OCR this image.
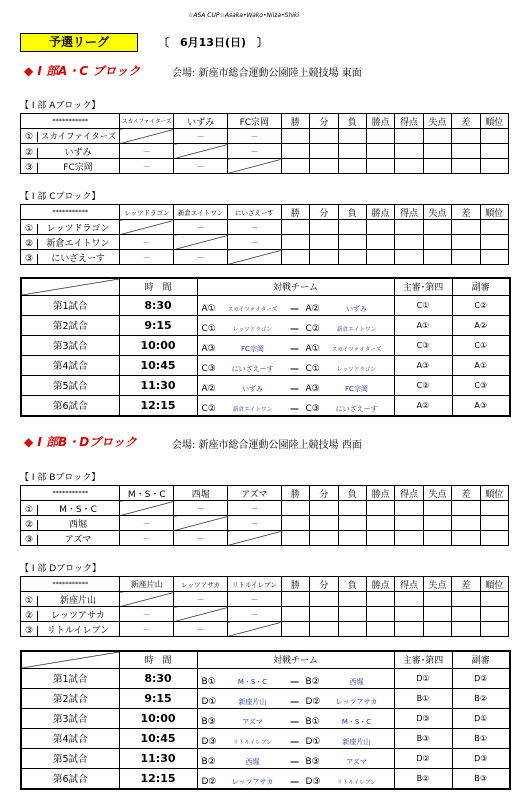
☆ASA CUP☆Asaka•Wako•Niiza•Shiki
予選リーグ	〔　6月13日(日)　〕
◆ I 部A・C ブロック	会場: 新座市総合運動公園陸上競技場 東面
【 I 部 Aブロック】
***********	スカイファイターズ	いずみ	FC宗岡	勝	分	負	勝点	得点	失点	差	順位
① スカイファイターズ		－	－								
② いずみ	－		－								
③ FC宗岡	－	－									
【 I 部 Cブロック】
***********	レッツドラゴン	新倉エイトワン	にいざえーす	勝	分	負	勝点	得点	失点	差	順位
① レッツドラゴン		－	－								
② 新倉エイトワン	－		－								
③ にいざえーす	－	－									
	時　間	対戦チーム	主審･第四	副審
第1試合	8:30	A① スカイファイターズ ― A② いずみ	C①	C②
第2試合	9:15	C① レッツドラゴン ― C② 新倉エイトワン	A①	A②
第3試合	10:00	A③ FC宗岡 ― A① スカイファイターズ	C③	C①
第4試合	10:45	C③ にいざえーす ― C① レッツドラゴン	A③	A①
第5試合	11:30	A② いずみ ― A③ FC宗岡	C②	C③
第6試合	12:15	C② 新倉エイトワン ― C③ にいざえーす	A②	A③
◆ I 部B・Dブロック	会場: 新座市総合運動公園陸上競技場 西面
【 I 部 Bブロック】
***********	M・S・C	西堀	アズマ	勝	分	負	勝点	得点	失点	差	順位
① M・S・C		－	－								
② 西堀	－		－								
③ アズマ	－	－									
【 I 部 Dブロック】
***********	新座片山	レッツアサカ	リトルイレブン	勝	分	負	勝点	得点	失点	差	順位
① 新座片山		－	－								
② レッツアサカ	－		－								
③ リトルイレブン	－	－									
	時　間	対戦チーム	主審･第四	副審
第1試合	8:30	B① M・S・C ― B② 西堀	D①	D②
第2試合	9:15	D① 新座片山 ― D② レッツアサカ	B①	B②
第3試合	10:00	B③ アズマ ― B① M・S・C	D③	D①
第4試合	10:45	D③ リトルイレブン ― D① 新座片山	B③	B①
第5試合	11:30	B② 西堀 ― B③ アズマ	D②	D③
第6試合	12:15	D② レッツアサカ ― D③ リトルイレブン	B②	B③
